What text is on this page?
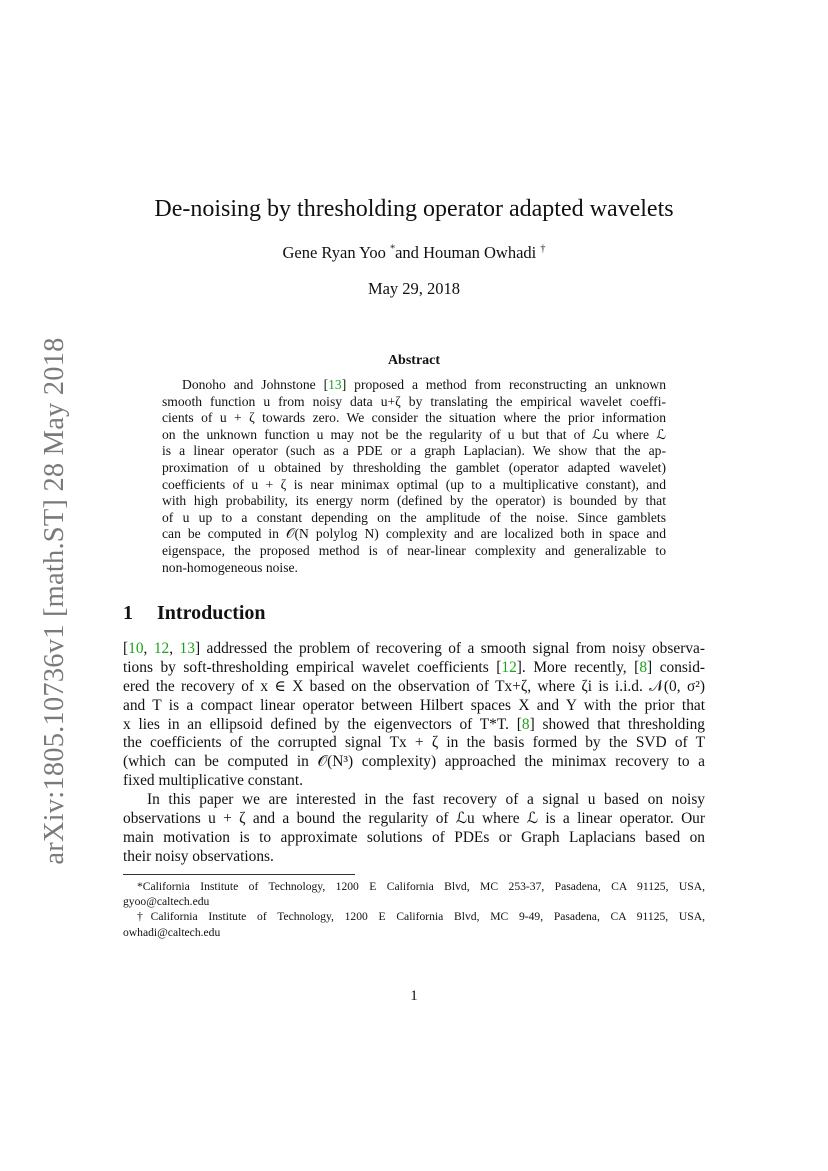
arXiv:1805.10736v1 [math.ST] 28 May 2018
De-noising by thresholding operator adapted wavelets
Gene Ryan Yoo *and Houman Owhadi †
May 29, 2018
Abstract
Donoho and Johnstone [13] proposed a method from reconstructing an unknown
smooth function u from noisy data u+ζ by translating the empirical wavelet coeffi-
cients of u + ζ towards zero. We consider the situation where the prior information
on the unknown function u may not be the regularity of u but that of ℒu where ℒ
is a linear operator (such as a PDE or a graph Laplacian). We show that the ap-
proximation of u obtained by thresholding the gamblet (operator adapted wavelet)
coefficients of u + ζ is near minimax optimal (up to a multiplicative constant), and
with high probability, its energy norm (defined by the operator) is bounded by that
of u up to a constant depending on the amplitude of the noise. Since gamblets
can be computed in 𝒪(N polylog N) complexity and are localized both in space and
eigenspace, the proposed method is of near-linear complexity and generalizable to
non-homogeneous noise.
1 Introduction
[10, 12, 13] addressed the problem of recovering of a smooth signal from noisy observa-
tions by soft-thresholding empirical wavelet coefficients [12]. More recently, [8] consid-
ered the recovery of x ∈ X based on the observation of Tx+ζ, where ζi is i.i.d. 𝒩(0, σ²)
and T is a compact linear operator between Hilbert spaces X and Y with the prior that
x lies in an ellipsoid defined by the eigenvectors of T*T. [8] showed that thresholding
the coefficients of the corrupted signal Tx + ζ in the basis formed by the SVD of T
(which can be computed in 𝒪(N³) complexity) approached the minimax recovery to a
fixed multiplicative constant.
In this paper we are interested in the fast recovery of a signal u based on noisy
observations u + ζ and a bound the regularity of ℒu where ℒ is a linear operator. Our
main motivation is to approximate solutions of PDEs or Graph Laplacians based on
their noisy observations.
*California Institute of Technology, 1200 E California Blvd, MC 253-37, Pasadena, CA 91125, USA,
gyoo@caltech.edu
†California Institute of Technology, 1200 E California Blvd, MC 9-49, Pasadena, CA 91125, USA,
owhadi@caltech.edu
1
